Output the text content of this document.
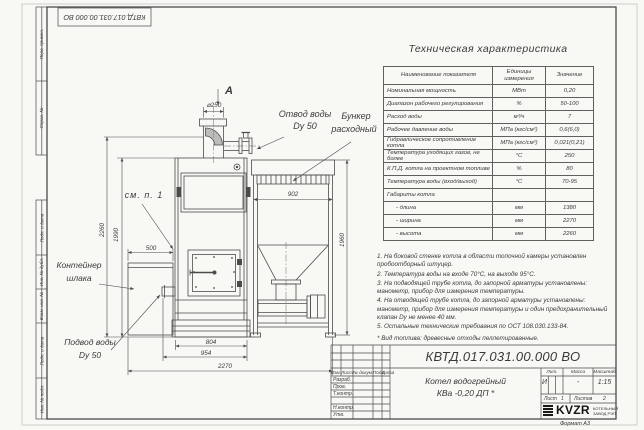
КВТД.017.031.00.000 ВО
Перв. примен.
Справ. №
Подп. и дата
Инв. № дубл.
Взам. инв. №
Подп. и дата
Инв. № подл.
А
⌀250
Отвод воды
Dу 50
Бункер
расходный
см. п. 1
Контейнер
шлака
Подвод воды
Dу 50
500
902
804
954
2270
2260	1990	1960
Техническая характеристика
Наименование показателя	Единицы измерения	Значение
Номинальная мощность	МВт	0,20
Диапазон рабочего регулирования	%	50-100
Расход воды	м³/ч	7
Рабочее давление воды	МПа (кгс/см²)	0,6(6,0)
Гидравлическое сопротивление котла	МПа (кгс/см²)	0,021(0,21)
Температура уходящих газов, не более	°С	250
К.П.Д. котла на проектном топливе	%	80
Температура воды (вход/выход)	°С	70-95
Габариты котла		
- длина	мм	1380
- ширина	мм	2270
- высота	мм	2260

1. На боковой стенке котла в области топочной камеры установлен пробоотборный штуцер.

2. Температура воды на входе 70°С, на выходе 95°С.

3. На подводящей трубе котла, до запорной арматуры установлены: манометр, прибор для измерения температуры.

4. На отводящей трубе котла, до запорной арматуры установлены: манометр, прибор для измерения температуры и один предохранительный клапан Dу не менее 40 мм.

5. Остальные технические требования по ОСТ 108.030.133-84.

* Вид топлива: древесные отходы пеллетированные.
КВТД.017.031.00.000 ВО
Котел водогрейный
КВа -0,20 ДП *
Изм. Лист № докум. Подп.
Дата
Разраб.
Пров.
Т.контр.
Н.контр.
Утв.
Лит.	Масса	Масштаб
И	-	1:15
Лист 1 Листов 2
KVZR КОТЕЛЬНЫЙ
ЗАВОД РЭП
Формат А3
